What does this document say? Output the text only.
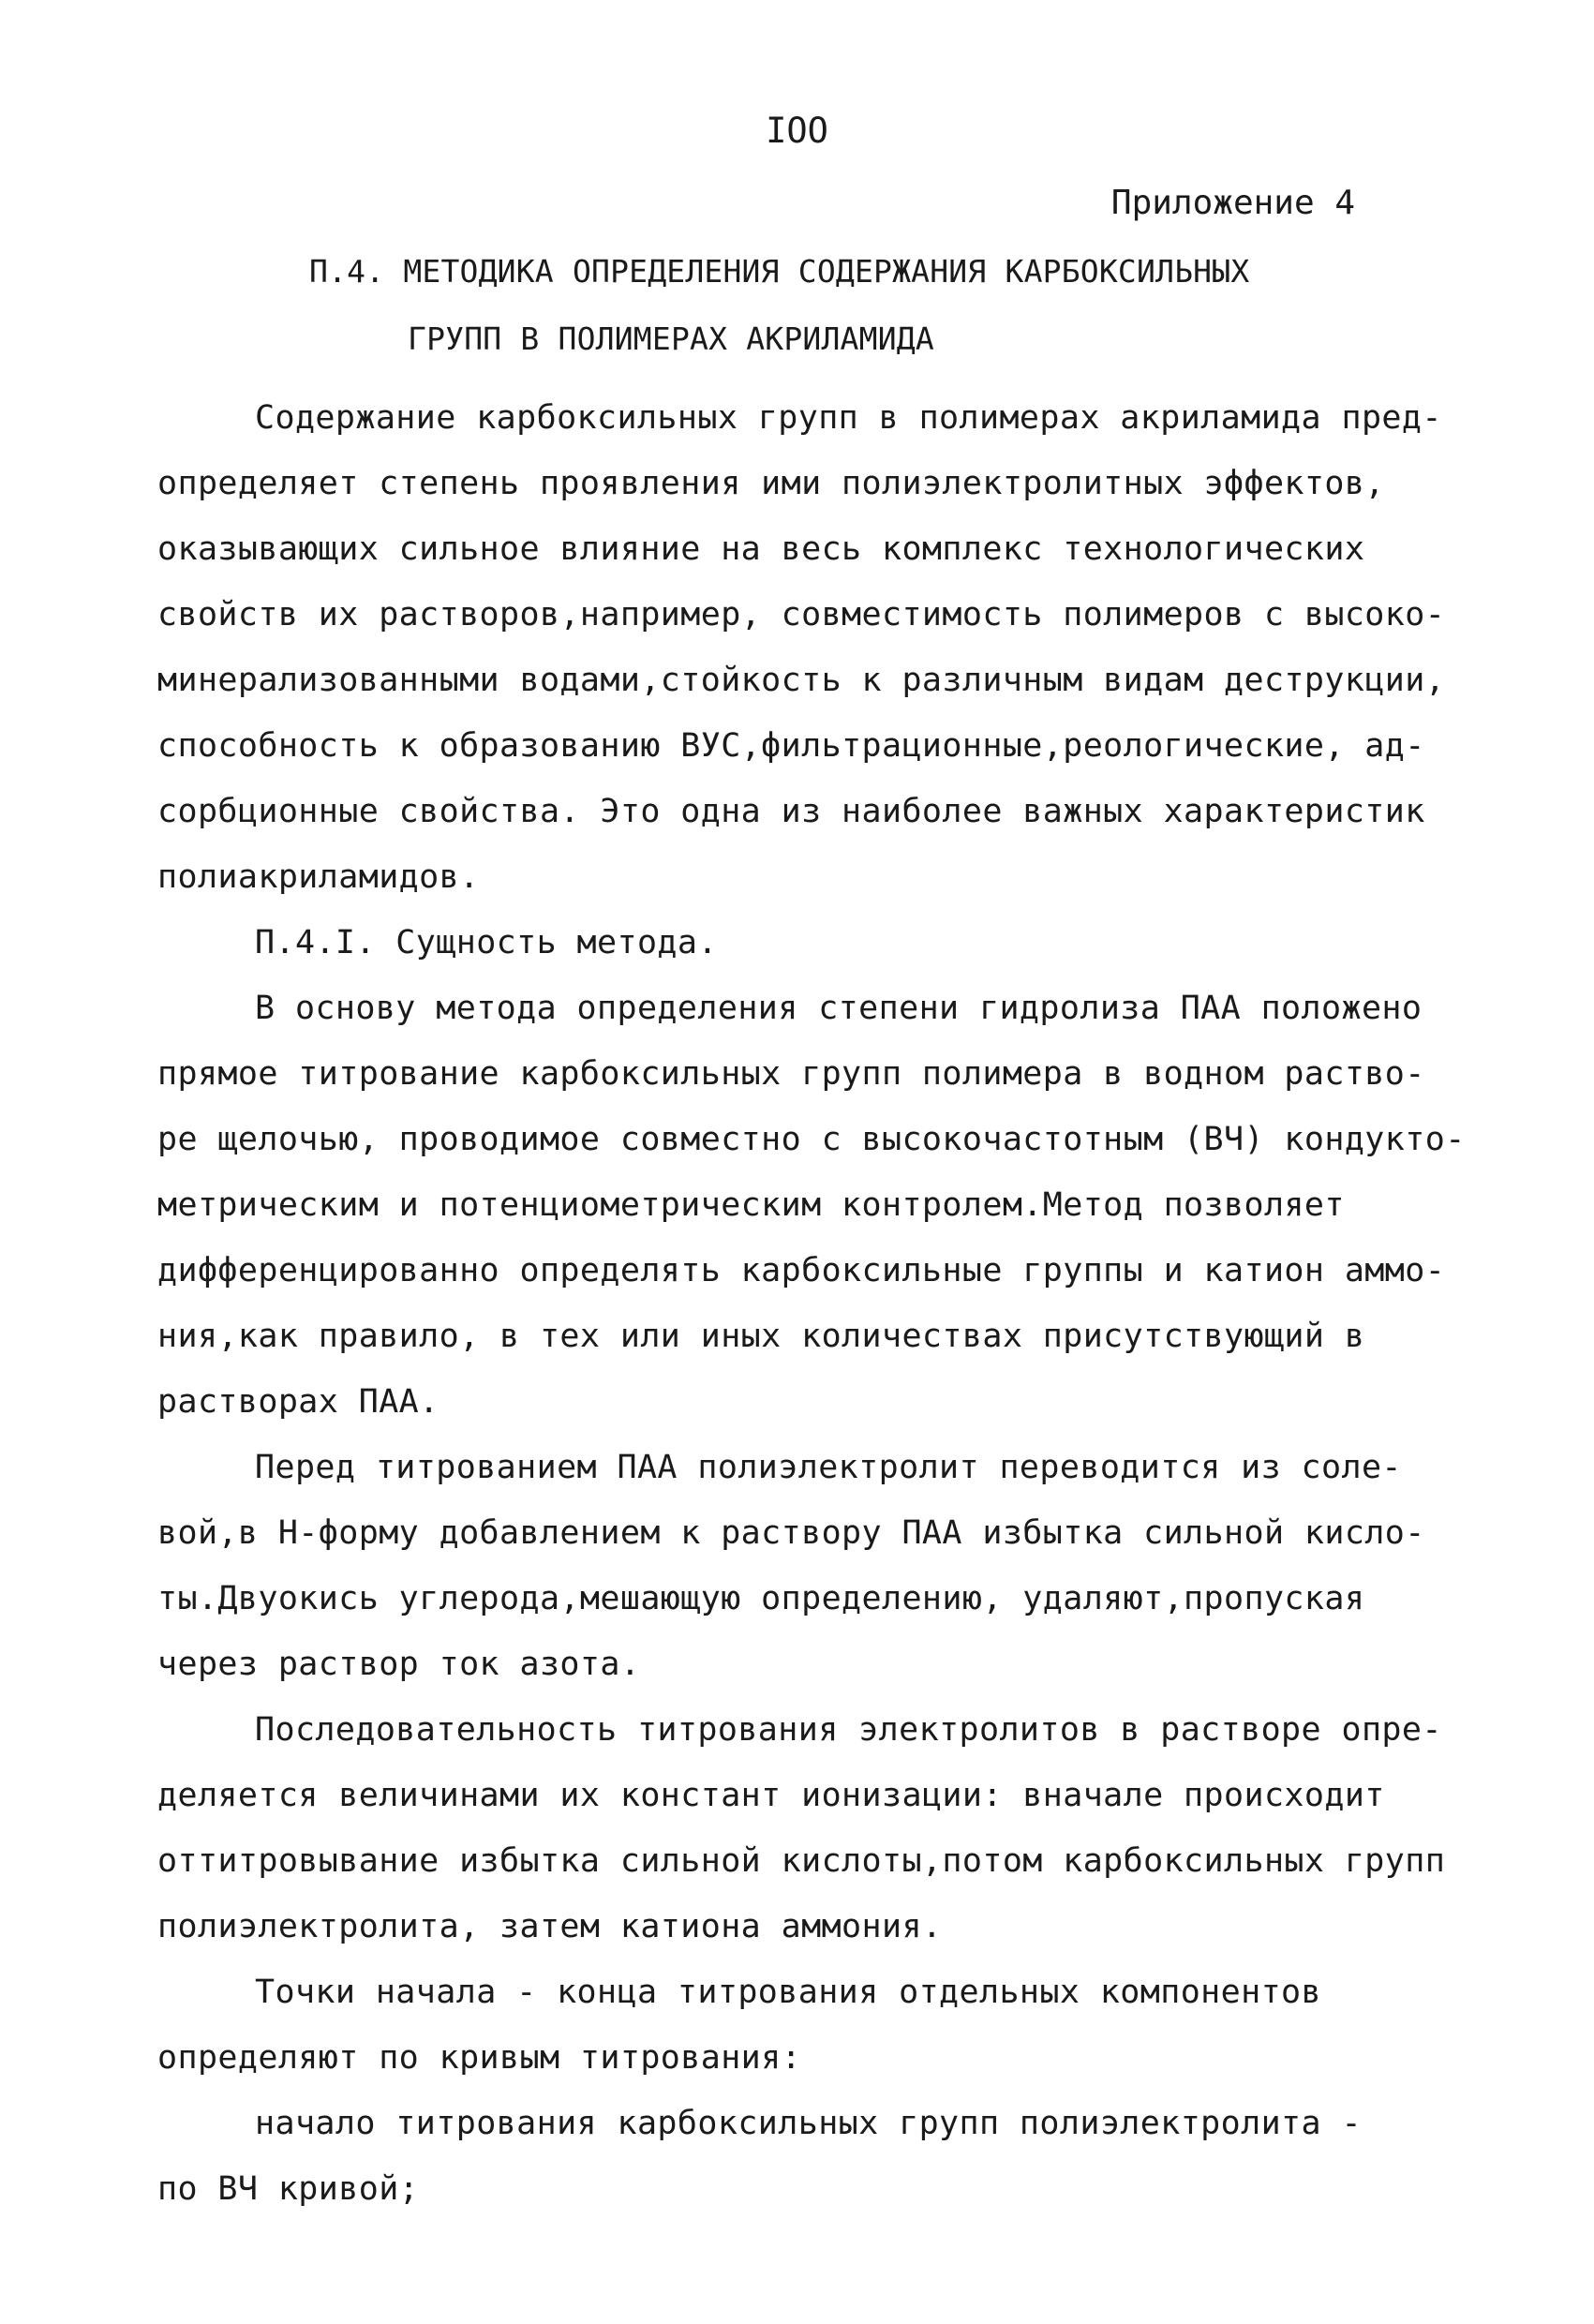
IOO
Приложение 4
П.4. МЕТОДИКА ОПРЕДЕЛЕНИЯ СОДЕРЖАНИЯ КАРБОКСИЛЬНЫХ
ГРУПП В ПОЛИМЕРАХ АКРИЛАМИДА
Содержание карбоксильных групп в полимерах акриламида пред-
определяет степень проявления ими полиэлектролитных эффектов,
оказывающих сильное влияние на весь комплекс технологических
свойств их растворов,например, совместимость полимеров с высоко-
минерализованными водами,стойкость к различным видам деструкции,
способность к образованию ВУС,фильтрационные,реологические, ад-
сорбционные свойства. Это одна из наиболее важных характеристик
полиакриламидов.
П.4.I. Сущность метода.
В основу метода определения степени гидролиза ПАА положено
прямое титрование карбоксильных групп полимера в водном раство-
ре щелочью, проводимое совместно с высокочастотным (ВЧ) кондукто-
метрическим и потенциометрическим контролем.Метод позволяет
дифференцированно определять карбоксильные группы и катион аммо-
ния,как правило, в тех или иных количествах присутствующий в
растворах ПАА.
Перед титрованием ПАА полиэлектролит переводится из соле-
вой,в Н-форму добавлением к раствору ПАА избытка сильной кисло-
ты.Двуокись углерода,мешающую определению, удаляют,пропуская
через раствор ток азота.
Последовательность титрования электролитов в растворе опре-
деляется величинами их констант ионизации: вначале происходит
оттитровывание избытка сильной кислоты,потом карбоксильных групп
полиэлектролита, затем катиона аммония.
Точки начала - конца титрования отдельных компонентов
определяют по кривым титрования:
начало титрования карбоксильных групп полиэлектролита -
по ВЧ кривой;
